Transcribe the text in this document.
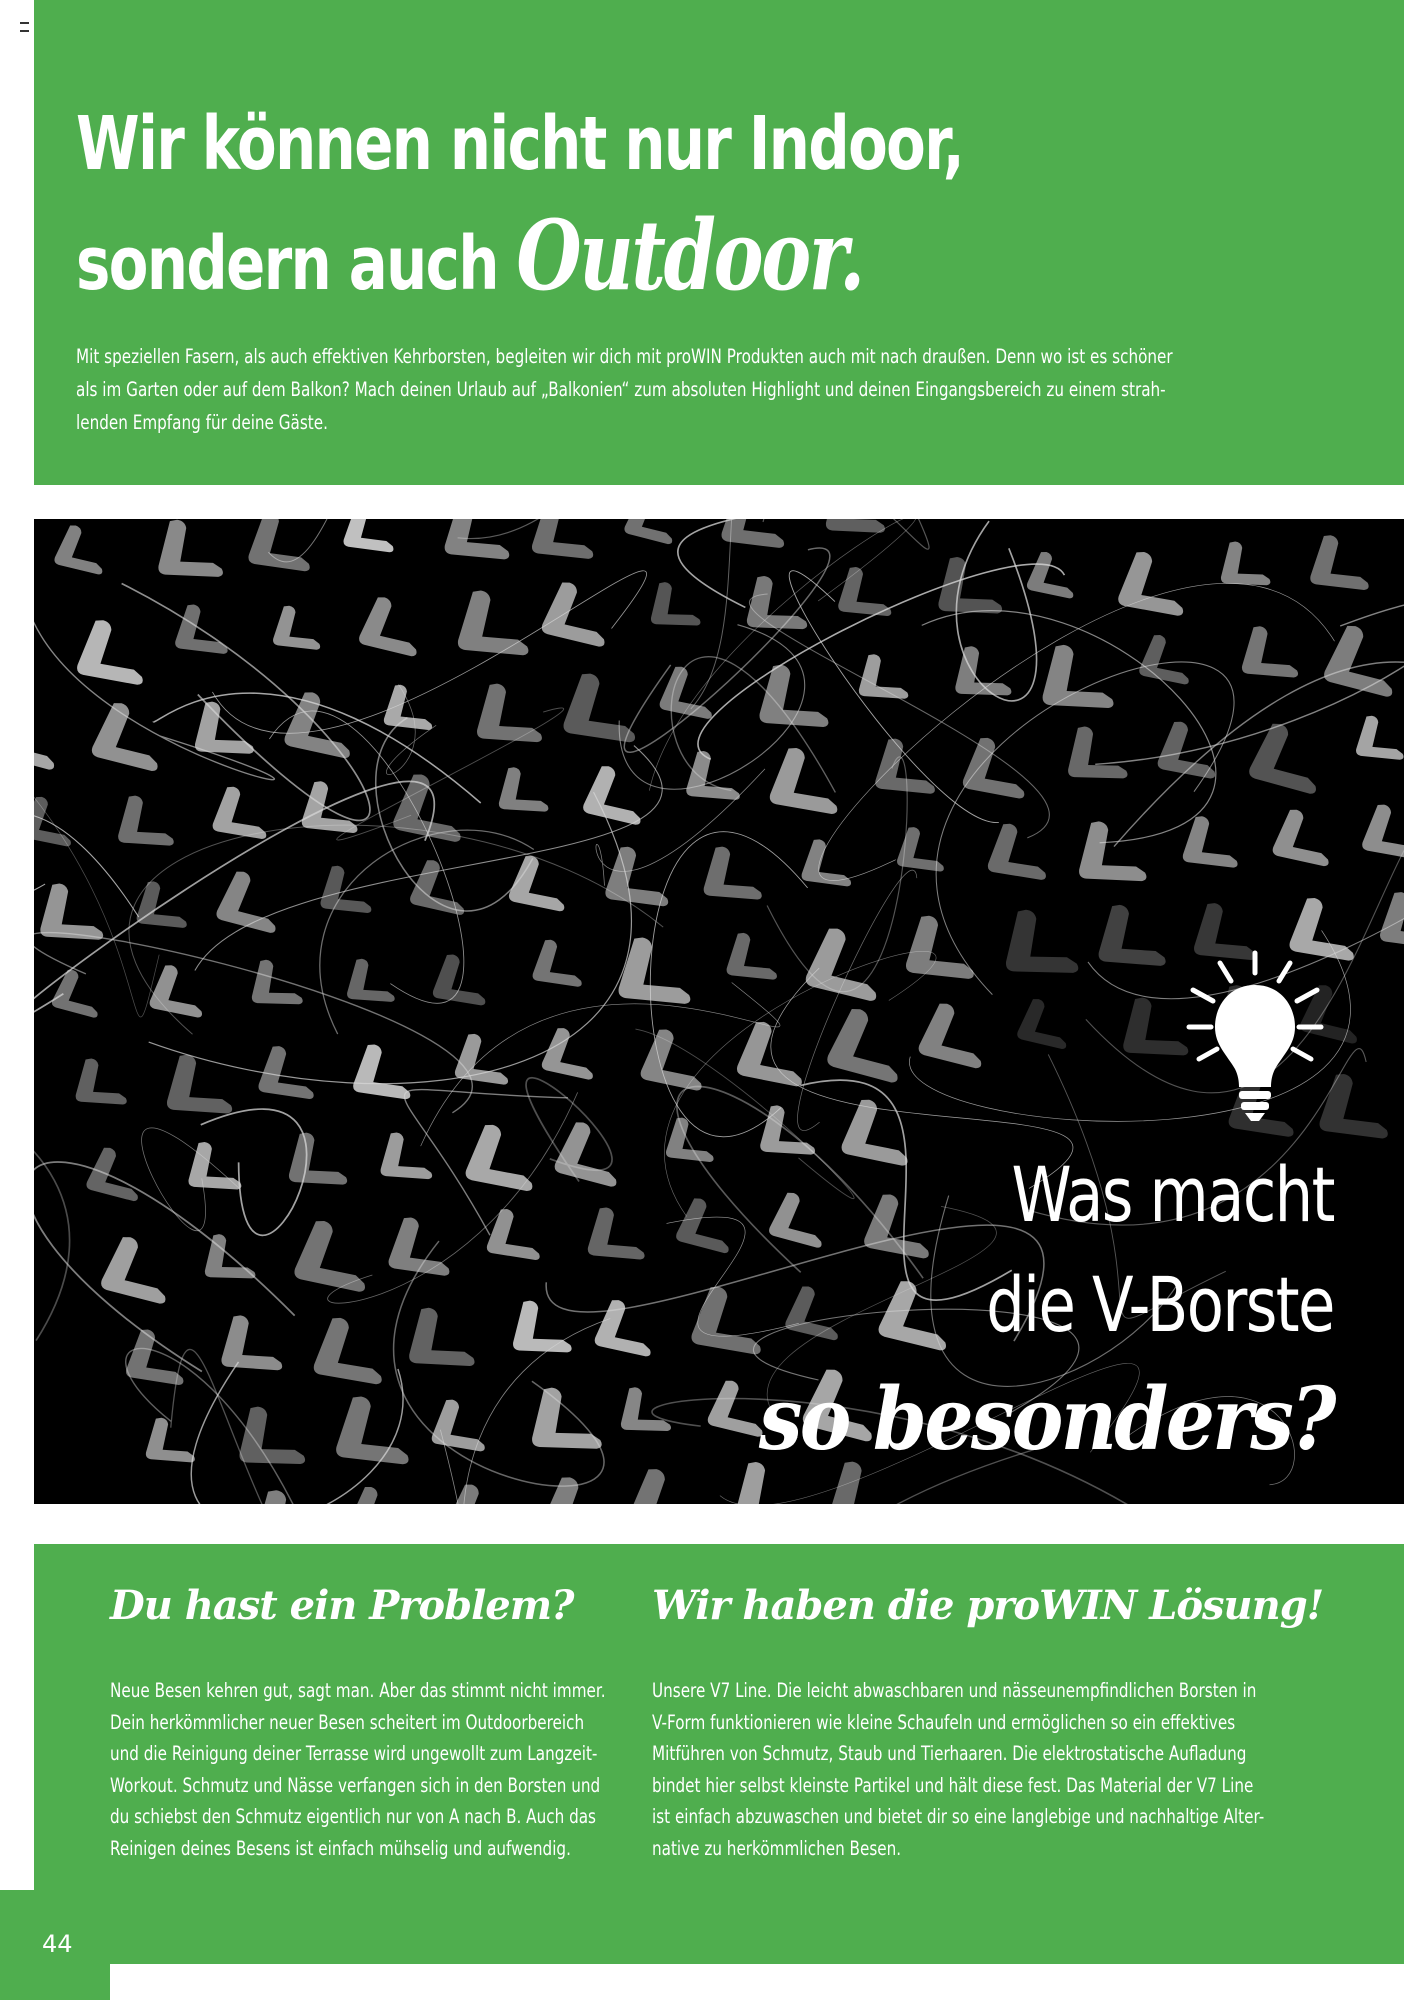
Wir können nicht nur Indoor,
sondern auch Outdoor.

Mit speziellen Fasern, als auch effektiven Kehrborsten, begleiten wir dich mit proWIN Produkten auch mit nach draußen. Denn wo ist es schöner
als im Garten oder auf dem Balkon? Mach deinen Urlaub auf „Balkonien“ zum absoluten Highlight und deinen Eingangsbereich zu einem strah-
lenden Empfang für deine Gäste.

Was macht
die V-Borste
so besonders?
44
Du hast ein Problem? Wir haben die proWIN Lösung!

Neue Besen kehren gut, sagt man. Aber das stimmt nicht immer.
Dein herkömmlicher neuer Besen scheitert im Outdoorbereich
und die Reinigung deiner Terrasse wird ungewollt zum Langzeit-
Workout. Schmutz und Nässe verfangen sich in den Borsten und
du schiebst den Schmutz eigentlich nur von A nach B. Auch das
Reinigen deines Besens ist einfach mühselig und aufwendig.

Unsere V7 Line. Die leicht abwaschbaren und nässeunempfindlichen Borsten in
V-Form funktionieren wie kleine Schaufeln und ermöglichen so ein effektives
Mitführen von Schmutz, Staub und Tierhaaren. Die elektrostatische Aufladung
bindet hier selbst kleinste Partikel und hält diese fest. Das Material der V7 Line
ist einfach abzuwaschen und bietet dir so eine langlebige und nachhaltige Alter-
native zu herkömmlichen Besen.
